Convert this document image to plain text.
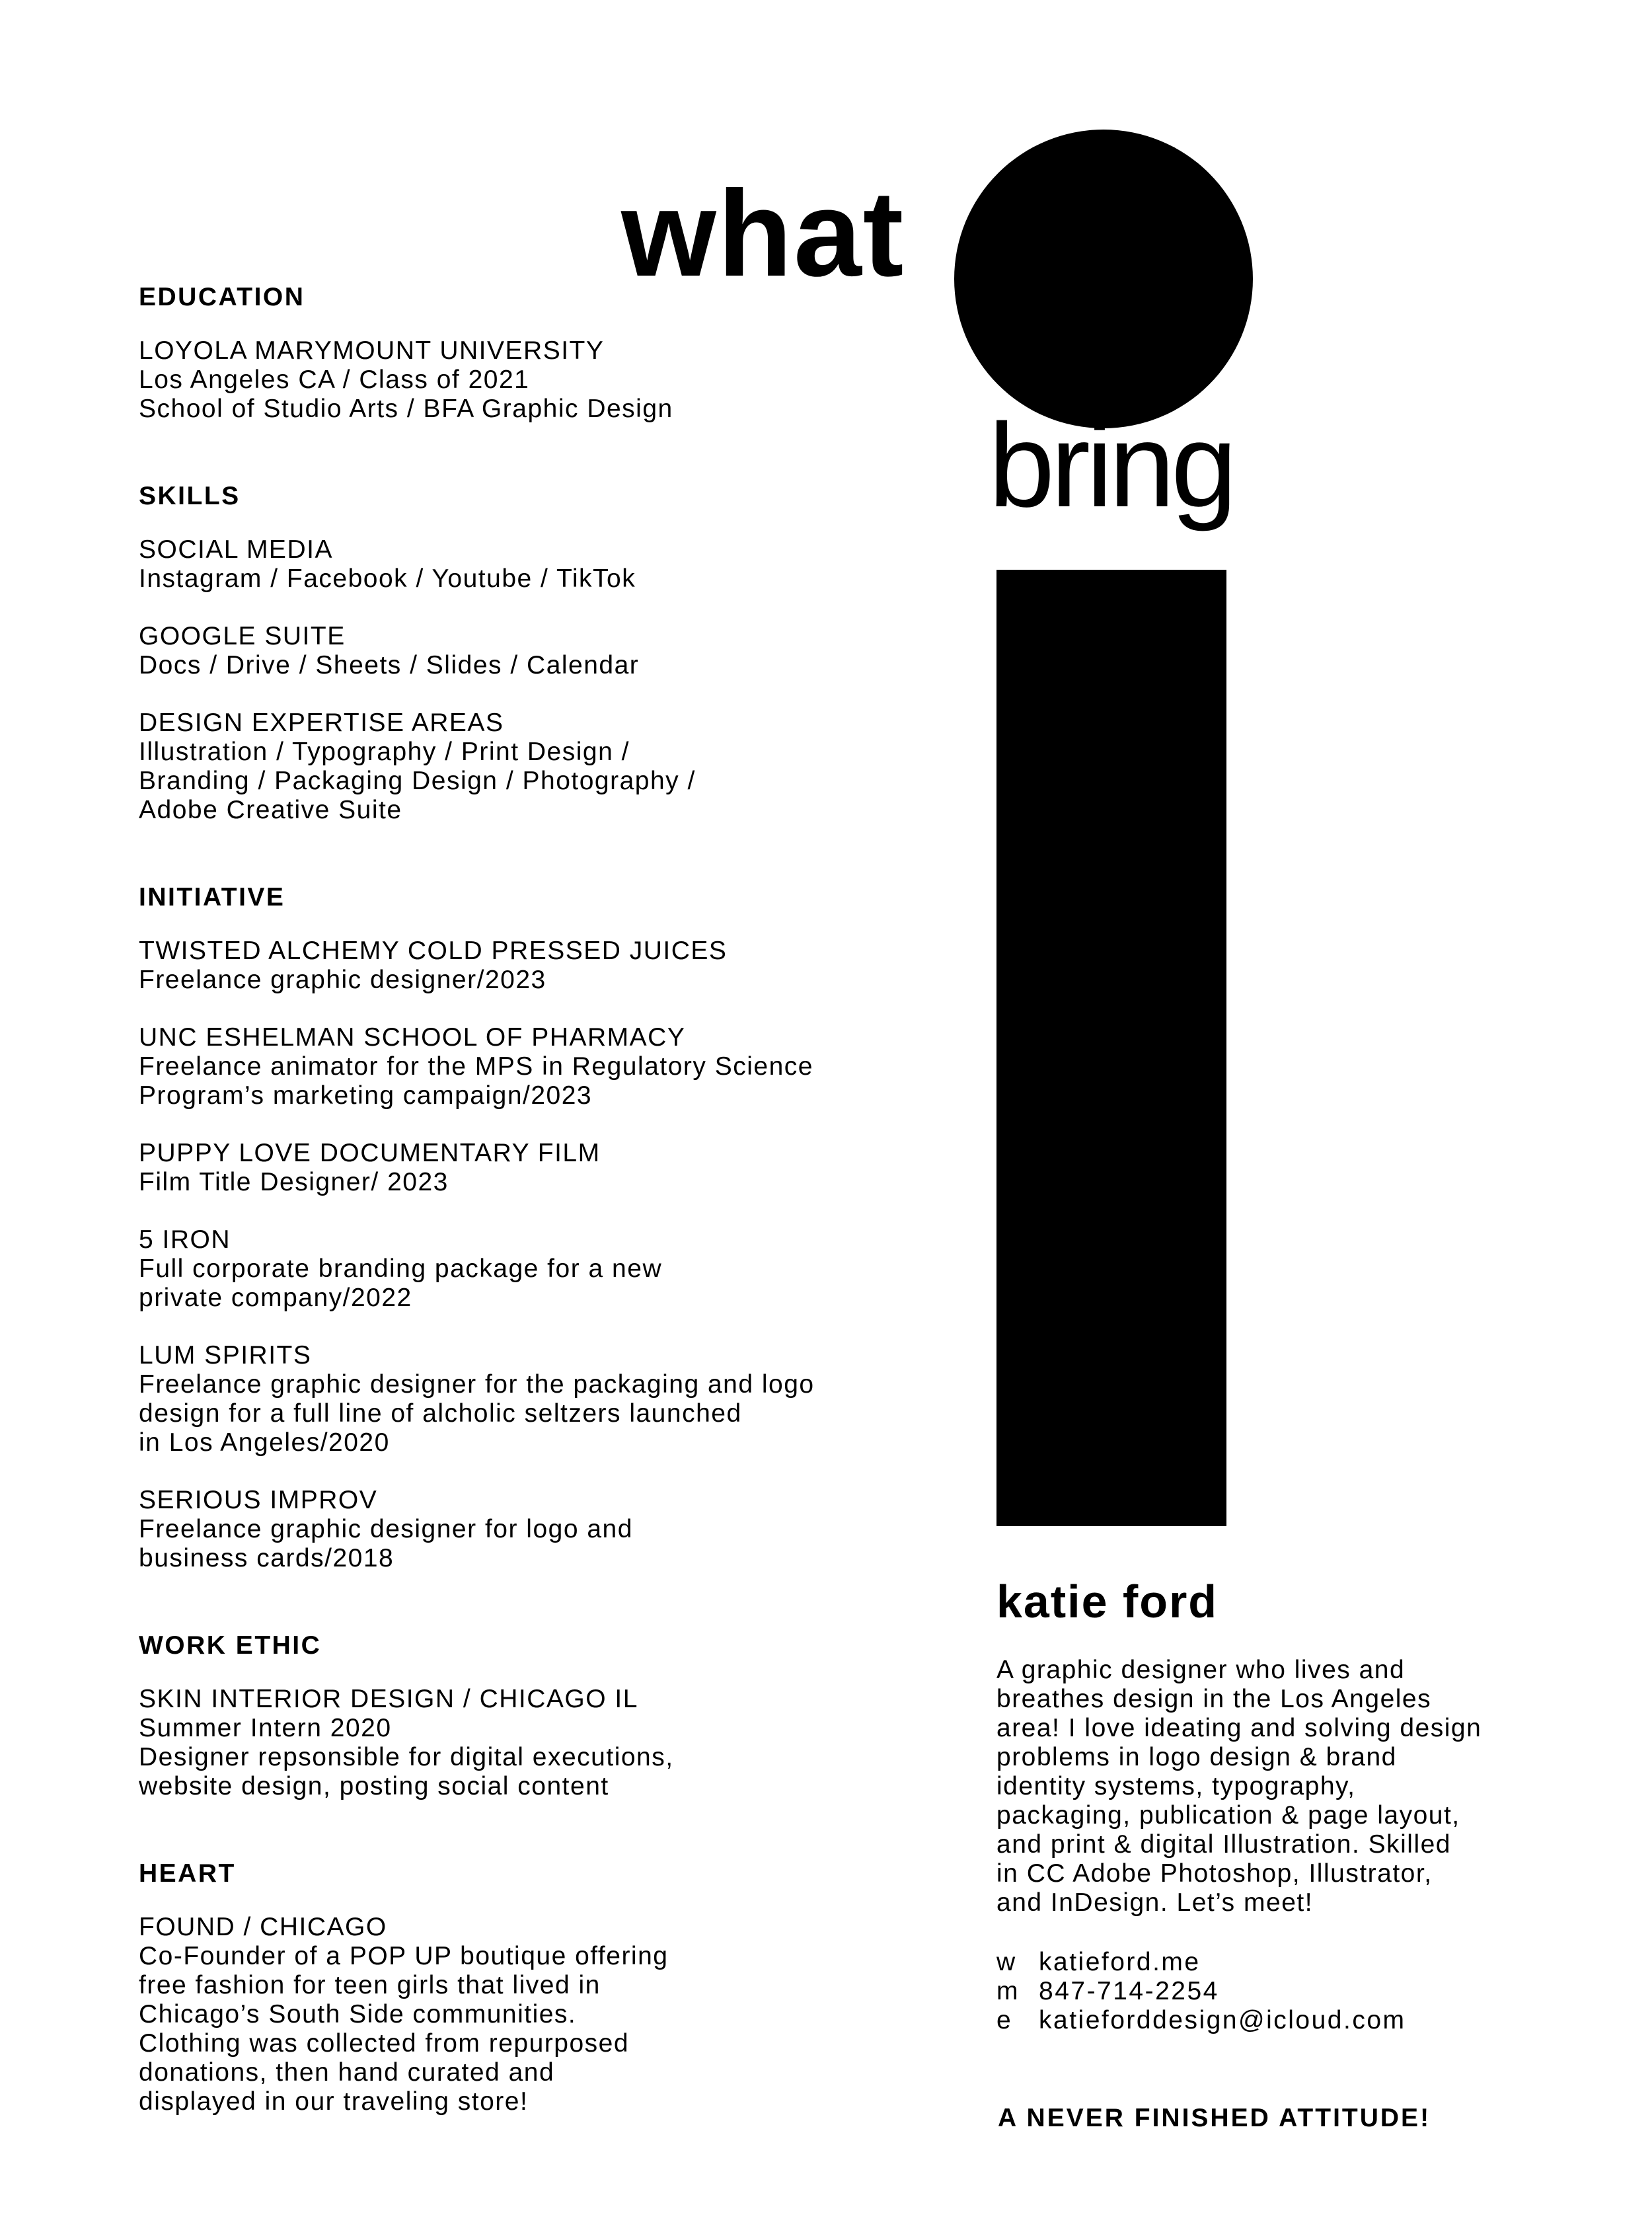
what
bring

EDUCATION

LOYOLA MARYMOUNT UNIVERSITY
Los Angeles CA / Class of 2021
School of Studio Arts / BFA Graphic Design

SKILLS

SOCIAL MEDIA
Instagram / Facebook / Youtube / TikTok

GOOGLE SUITE
Docs / Drive / Sheets / Slides / Calendar

DESIGN EXPERTISE AREAS
Illustration / Typography / Print Design /
Branding / Packaging Design / Photography /
Adobe Creative Suite

INITIATIVE

TWISTED ALCHEMY COLD PRESSED JUICES
Freelance graphic designer/2023

UNC ESHELMAN SCHOOL OF PHARMACY
Freelance animator for the MPS in Regulatory Science
Program’s marketing campaign/2023

PUPPY LOVE DOCUMENTARY FILM
Film Title Designer/ 2023

5 IRON
Full corporate branding package for a new
private company/2022

LUM SPIRITS
Freelance graphic designer for the packaging and logo
design for a full line of alcholic seltzers launched
in Los Angeles/2020

SERIOUS IMPROV
Freelance graphic designer for logo and
business cards/2018

WORK ETHIC

SKIN INTERIOR DESIGN / CHICAGO IL
Summer Intern 2020
Designer repsonsible for digital executions,
website design, posting social content

HEART

FOUND / CHICAGO
Co-Founder of a POP UP boutique offering
free fashion for teen girls that lived in
Chicago’s South Side communities.
Clothing was collected from repurposed
donations, then hand curated and
displayed in our traveling store!

katie ford
A graphic designer who lives and
breathes design in the Los Angeles
area! I love ideating and solving design
problems in logo design & brand
identity systems, typography,
packaging, publication & page layout,
and print & digital Illustration. Skilled
in CC Adobe Photoshop, Illustrator,
and InDesign. Let’s meet!
w katieford.me
m 847-714-2254
e	katieforddesign@icloud.com
A NEVER FINISHED ATTITUDE!
